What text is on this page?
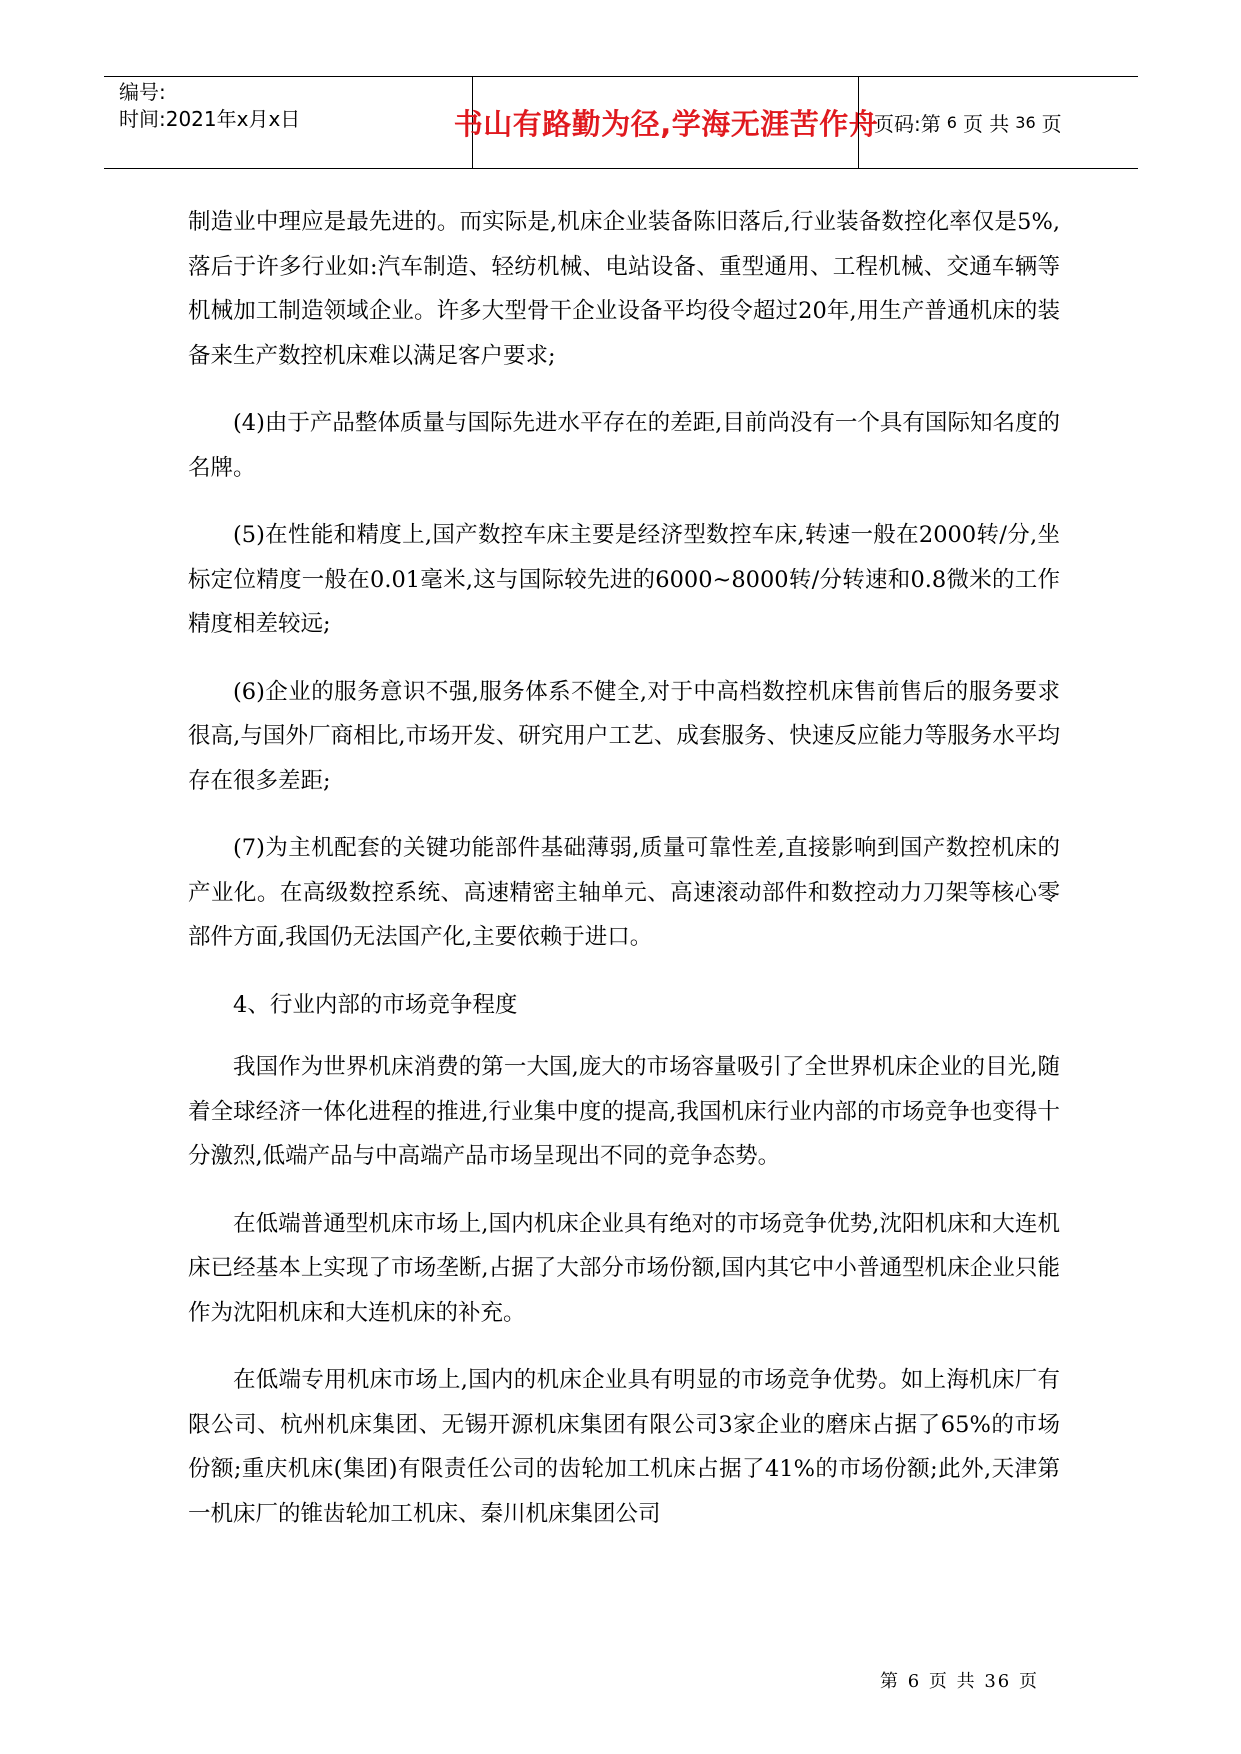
编号:
时间:2021年x月x日	书山有路勤为径,学海无涯苦作舟
页码:第 6 页 共 36 页

制造业中理应是最先进的。而实际是,机床企业装备陈旧落后,行业装备数控化率仅是5%,落后于许多行业如:汽车制造、轻纺机械、电站设备、重型通用、工程机械、交通车辆等机械加工制造领域企业。许多大型骨干企业设备平均役令超过20年,用生产普通机床的装备来生产数控机床难以满足客户要求;

(4)由于产品整体质量与国际先进水平存在的差距,目前尚没有一个具有国际知名度的名牌。

(5)在性能和精度上,国产数控车床主要是经济型数控车床,转速一般在2000转/分,坐标定位精度一般在0.01毫米,这与国际较先进的6000~8000转/分转速和0.8微米的工作精度相差较远;

(6)企业的服务意识不强,服务体系不健全,对于中高档数控机床售前售后的服务要求很高,与国外厂商相比,市场开发、研究用户工艺、成套服务、快速反应能力等服务水平均存在很多差距;

(7)为主机配套的关键功能部件基础薄弱,质量可靠性差,直接影响到国产数控机床的产业化。在高级数控系统、高速精密主轴单元、高速滚动部件和数控动力刀架等核心零部件方面,我国仍无法国产化,主要依赖于进口。

4、行业内部的市场竞争程度

我国作为世界机床消费的第一大国,庞大的市场容量吸引了全世界机床企业的目光,随着全球经济一体化进程的推进,行业集中度的提高,我国机床行业内部的市场竞争也变得十分激烈,低端产品与中高端产品市场呈现出不同的竞争态势。

在低端普通型机床市场上,国内机床企业具有绝对的市场竞争优势,沈阳机床和大连机床已经基本上实现了市场垄断,占据了大部分市场份额,国内其它中小普通型机床企业只能作为沈阳机床和大连机床的补充。

在低端专用机床市场上,国内的机床企业具有明显的市场竞争优势。如上海机床厂有限公司、杭州机床集团、无锡开源机床集团有限公司3家企业的磨床占据了65%的市场份额;重庆机床(集团)有限责任公司的齿轮加工机床占据了41%的市场份额;此外,天津第一机床厂的锥齿轮加工机床、秦川机床集团公司

第 6 页 共 36 页
